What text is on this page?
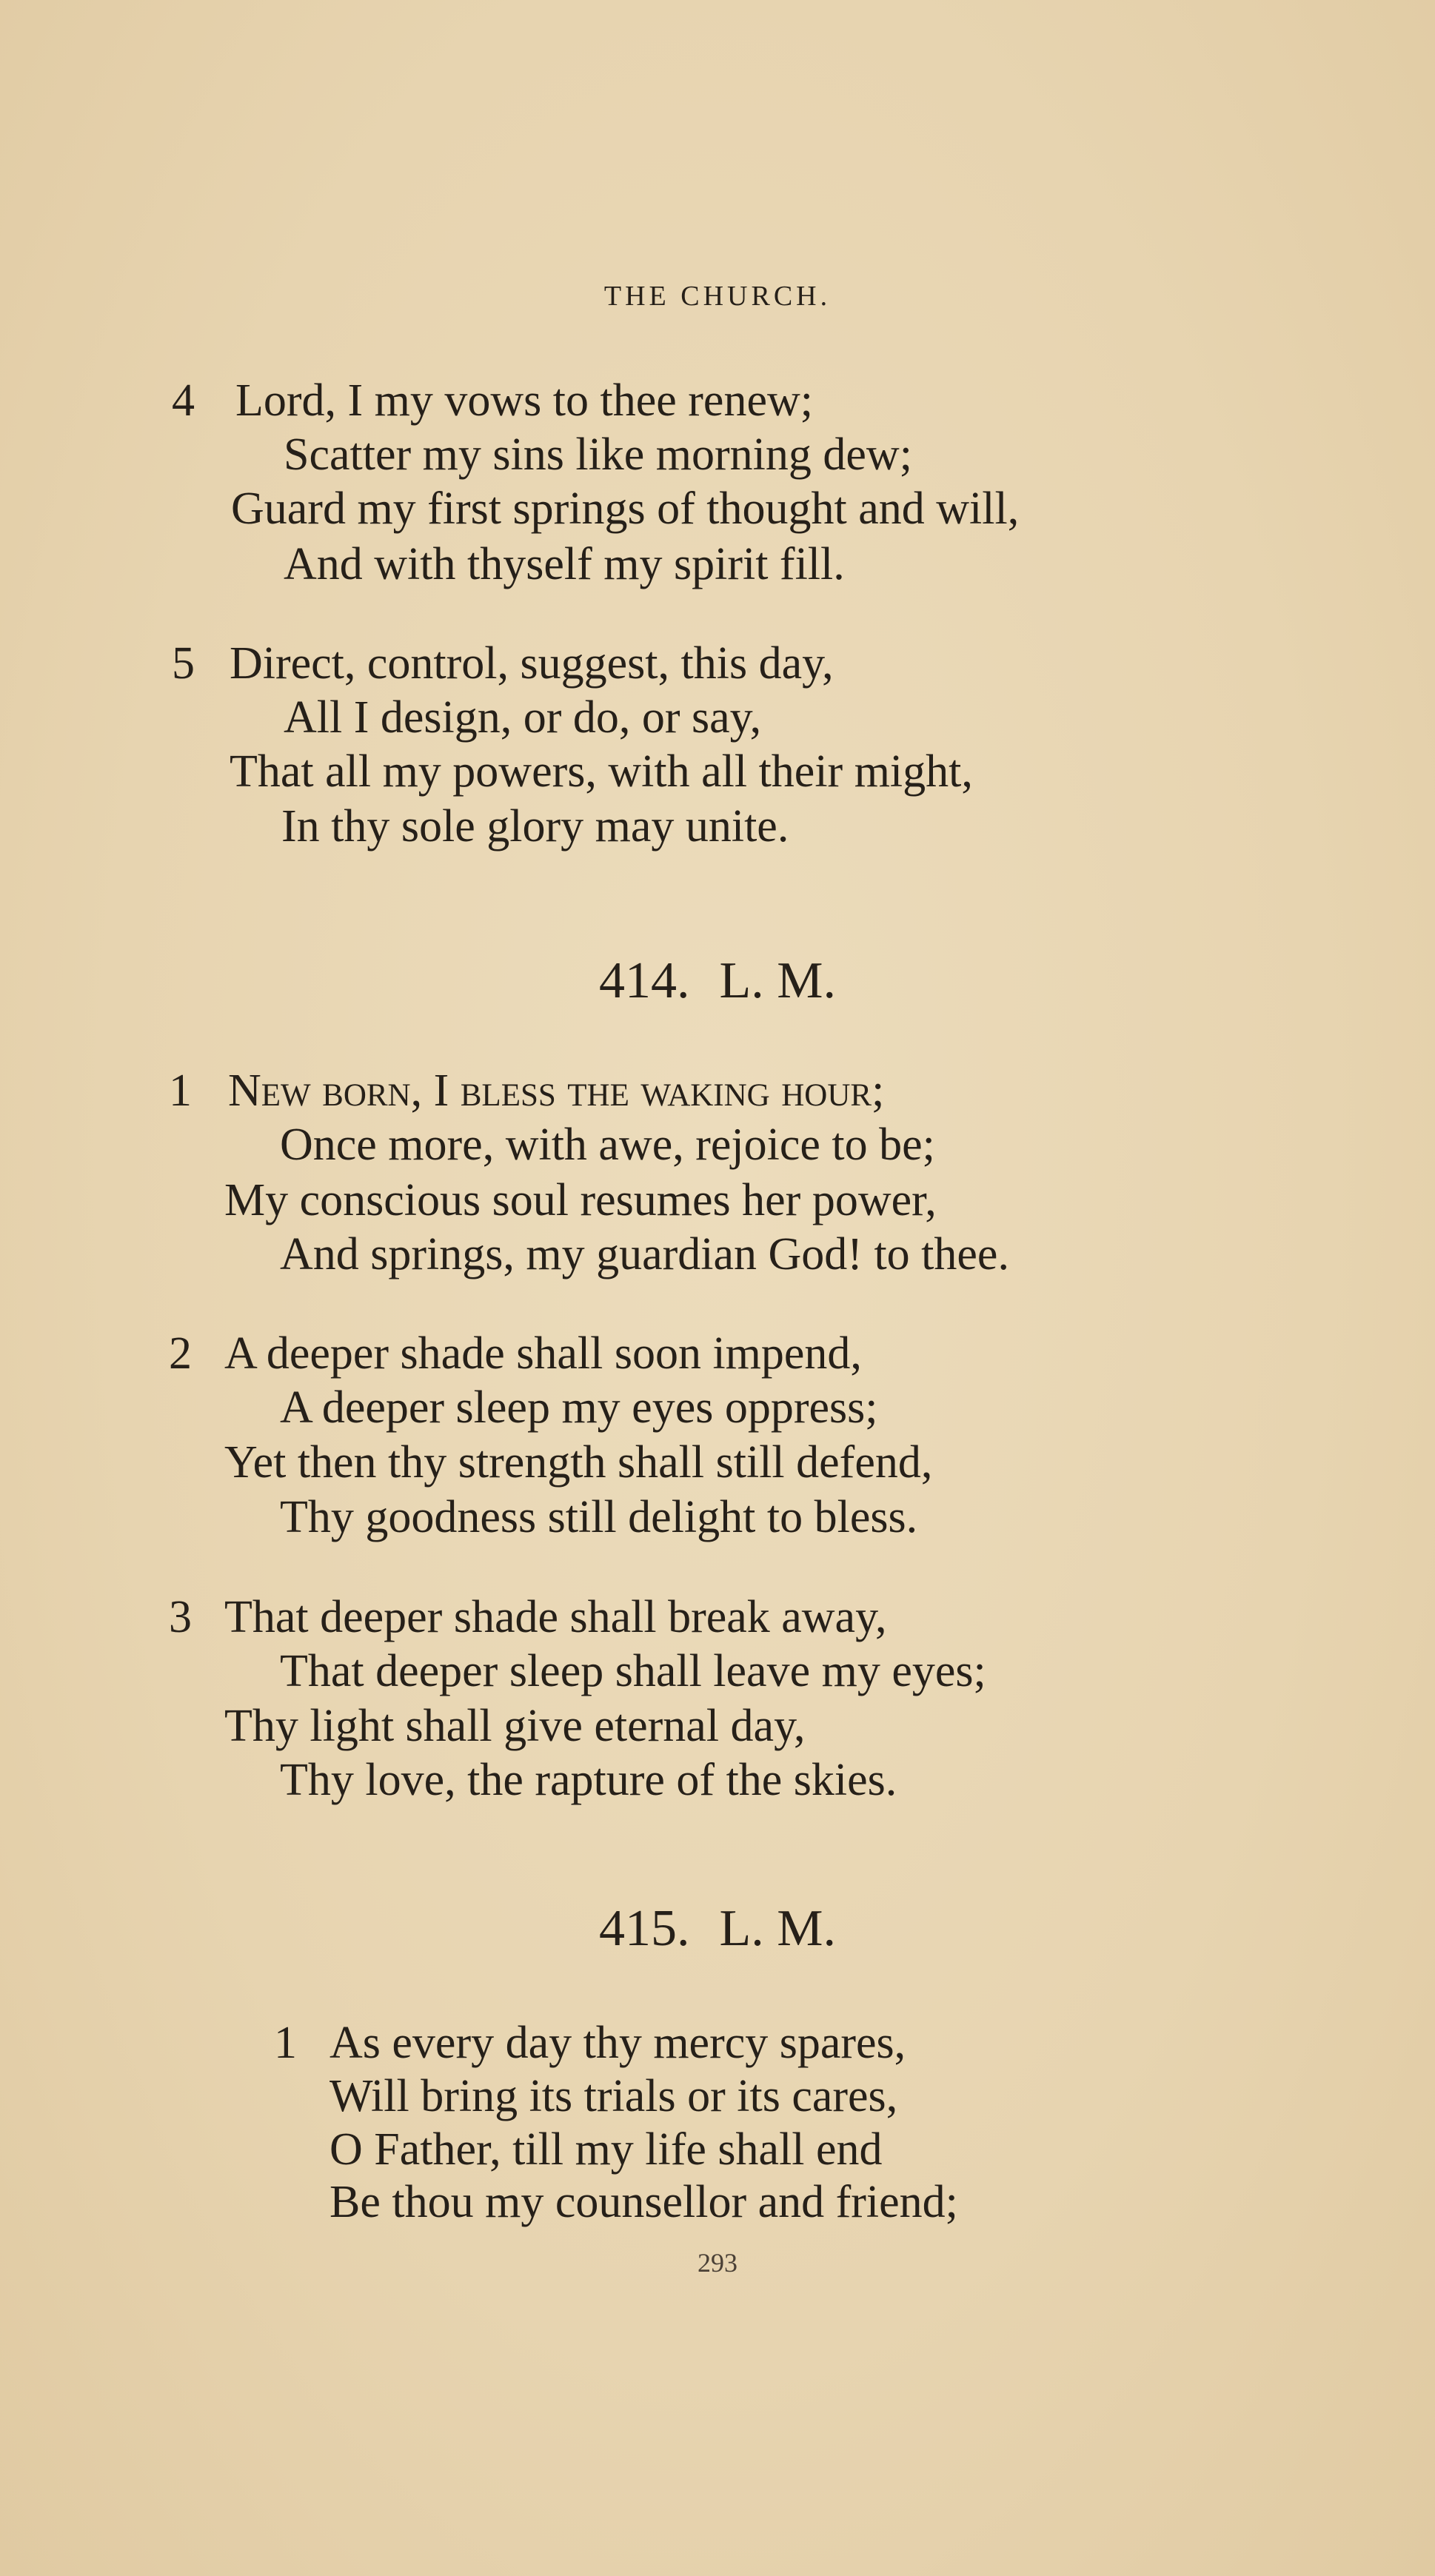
THE CHURCH.
4 Lord, I my vows to thee renew;
Scatter my sins like morning dew;
Guard my first springs of thought and will,
And with thyself my spirit fill.
5 Direct, control, suggest, this day,
All I design, or do, or say,
That all my powers, with all their might,
In thy sole glory may unite.
414. L. M.
1 New born, I bless the waking hour;
Once more, with awe, rejoice to be;
My conscious soul resumes her power,
And springs, my guardian God! to thee.
2 A deeper shade shall soon impend,
A deeper sleep my eyes oppress;
Yet then thy strength shall still defend,
Thy goodness still delight to bless.
3 That deeper shade shall break away,
That deeper sleep shall leave my eyes;
Thy light shall give eternal day,
Thy love, the rapture of the skies.
415. L. M.
1 As every day thy mercy spares,
Will bring its trials or its cares,
O Father, till my life shall end
Be thou my counsellor and friend;
293
